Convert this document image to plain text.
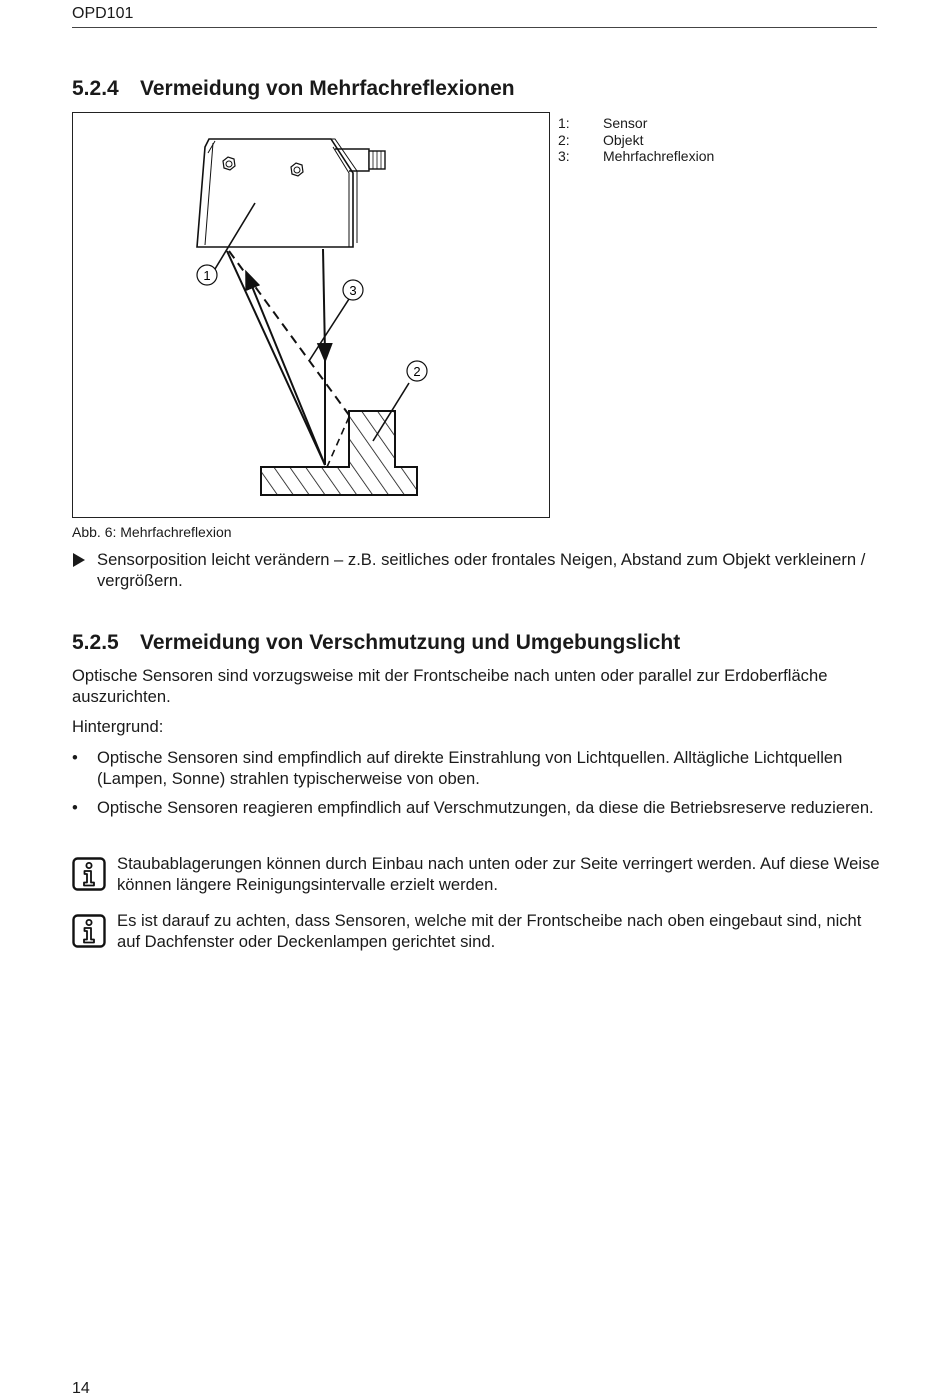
OPD101
5.2.4 Vermeidung von Mehrfachreflexionen
1
3
2
1:	Sensor
2:	Objekt
3:	Mehrfachreflexion
Abb. 6: Mehrfachreflexion
Sensorposition leicht verändern – z.B. seitliches oder frontales Neigen, Abstand zum Objekt verkleinern / vergrößern.
5.2.5 Vermeidung von Verschmutzung und Umgebungslicht
Optische Sensoren sind vorzugsweise mit der Frontscheibe nach unten oder parallel zur Erdoberfläche auszurichten.
Hintergrund:
• Optische Sensoren sind empfindlich auf direkte Einstrahlung von Lichtquellen. Alltägliche Lichtquellen (Lampen, Sonne) strahlen typischerweise von oben.
• Optische Sensoren reagieren empfindlich auf Verschmutzungen, da diese die Betriebsreserve reduzieren.
Staubablagerungen können durch Einbau nach unten oder zur Seite verringert werden. Auf diese Weise können längere Reinigungsintervalle erzielt werden.
Es ist darauf zu achten, dass Sensoren, welche mit der Frontscheibe nach oben eingebaut sind, nicht auf Dachfenster oder Deckenlampen gerichtet sind.
14
